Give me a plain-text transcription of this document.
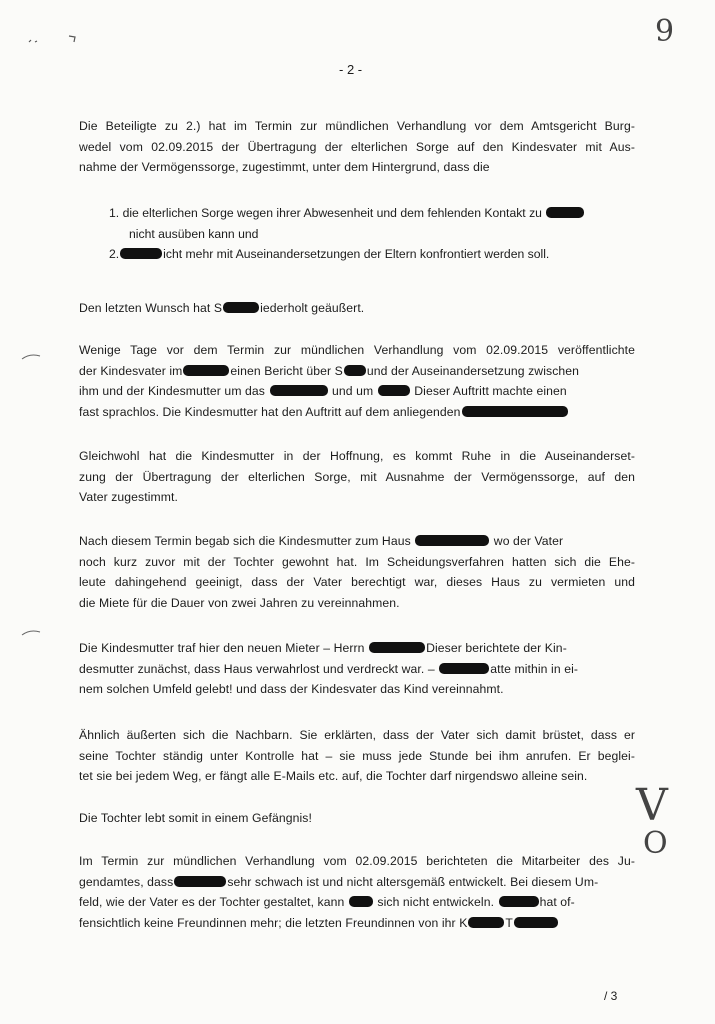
9
- 2 -
Die Beteiligte zu 2.) hat im Termin zur mündlichen Verhandlung vor dem Amtsgericht Burg-
wedel vom 02.09.2015 der Übertragung der elterlichen Sorge auf den Kindesvater mit Aus-
nahme der Vermögenssorge, zugestimmt, unter dem Hintergrund, dass die
1. die elterlichen Sorge wegen ihrer Abwesenheit und dem fehlenden Kontakt zu
nicht ausüben kann und
2.	icht mehr mit Auseinandersetzungen der Eltern konfrontiert werden soll.
Den letzten Wunsch hat S	iederholt geäußert.
Wenige Tage vor dem Termin zur mündlichen Verhandlung vom 02.09.2015 veröffentlichte
der Kindesvater im	einen Bericht über S und der Auseinandersetzung zwischen
ihm und der Kindesmutter um das	und um	Dieser Auftritt machte einen
fast sprachlos. Die Kindesmutter hat den Auftritt auf dem anliegenden
Gleichwohl hat die Kindesmutter in der Hoffnung, es kommt Ruhe in die Auseinanderset-
zung der Übertragung der elterlichen Sorge, mit Ausnahme der Vermögenssorge, auf den
Vater zugestimmt.
Nach diesem Termin begab sich die Kindesmutter zum Haus	wo der Vater
noch kurz zuvor mit der Tochter gewohnt hat. Im Scheidungsverfahren hatten sich die Ehe-
leute dahingehend geeinigt, dass der Vater berechtigt war, dieses Haus zu vermieten und
die Miete für die Dauer von zwei Jahren zu vereinnahmen.
Die Kindesmutter traf hier den neuen Mieter – Herrn	Dieser berichtete der Kin-
desmutter zunächst, dass Haus verwahrlost und verdreckt war. –	atte mithin in ei-
nem solchen Umfeld gelebt! und dass der Kindesvater das Kind vereinnahmt.
Ähnlich äußerten sich die Nachbarn. Sie erklärten, dass der Vater sich damit brüstet, dass er
seine Tochter ständig unter Kontrolle hat – sie muss jede Stunde bei ihm anrufen. Er beglei-
tet sie bei jedem Weg, er fängt alle E-Mails etc. auf, die Tochter darf nirgendswo alleine sein.
Die Tochter lebt somit in einem Gefängnis!	V
O
Im Termin zur mündlichen Verhandlung vom 02.09.2015 berichteten die Mitarbeiter des Ju-
gendamtes, dass	sehr schwach ist und nicht altersgemäß entwickelt. Bei diesem Um-
feld, wie der Vater es der Tochter gestaltet, kann	sich nicht entwickeln.	hat of-
fensichtlich keine Freundinnen mehr; die letzten Freundinnen von ihr K	T
/ 3
